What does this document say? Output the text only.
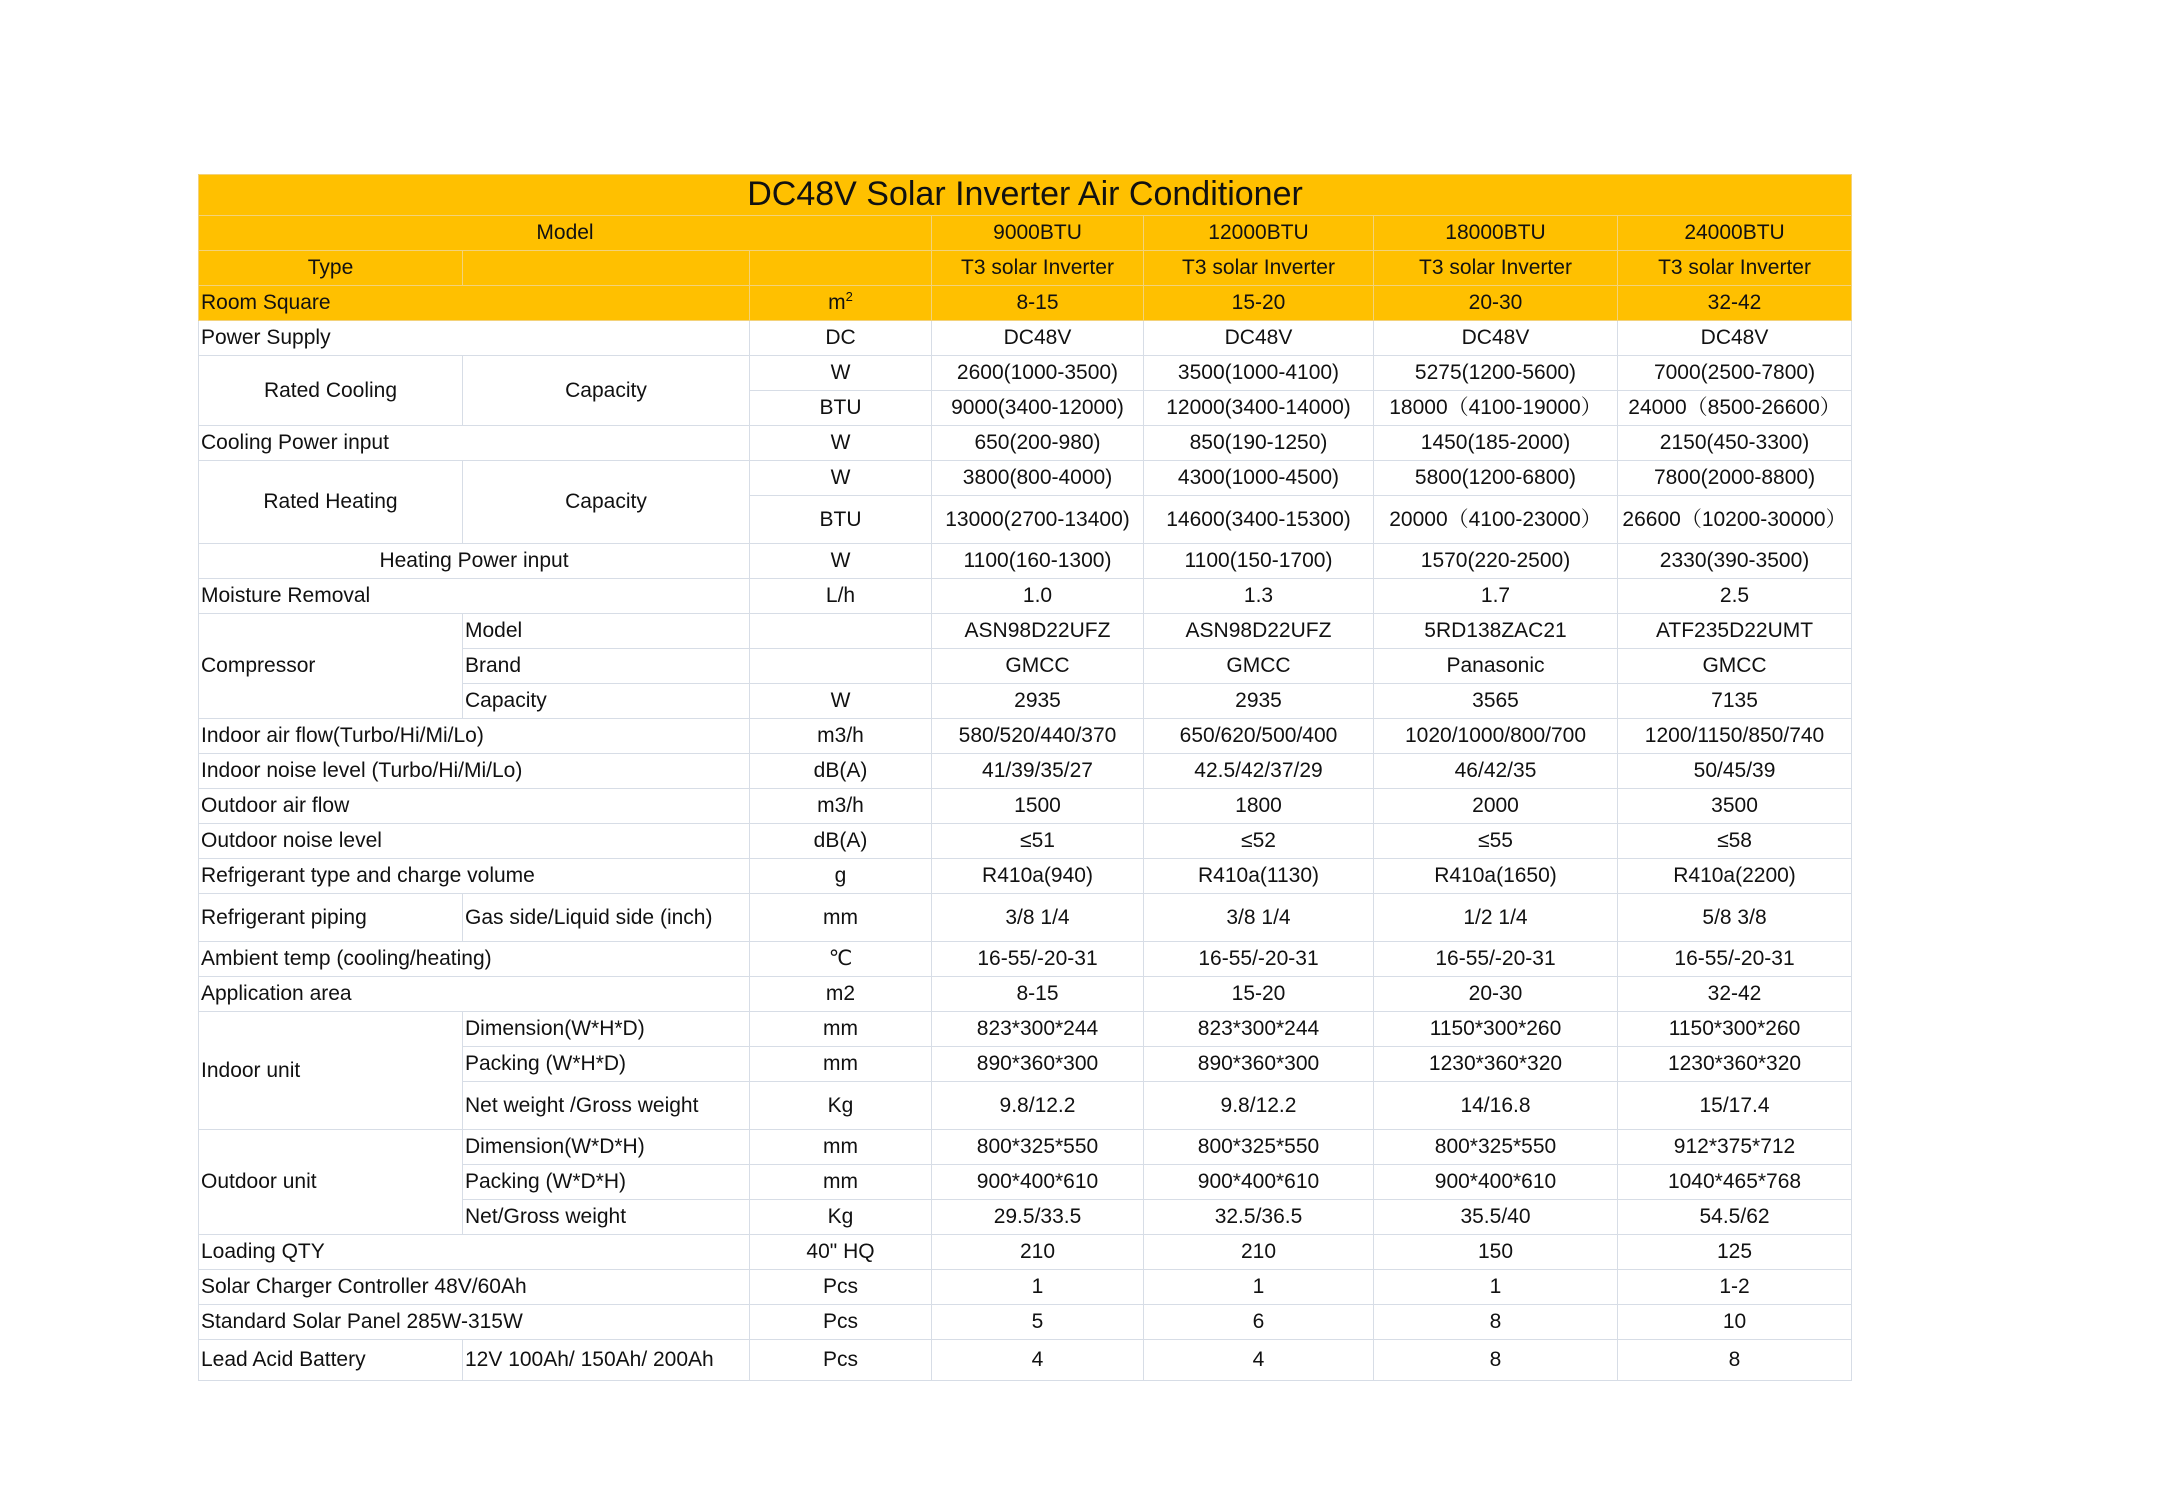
DC48V Solar Inverter Air Conditioner						
Model			9000BTU	12000BTU	18000BTU	24000BTU
Type			T3 solar Inverter	T3 solar Inverter	T3 solar Inverter	T3 solar Inverter
Room Square		$m^2$	8-15	15-20	20-30	32-42
Power Supply		DC	DC48V	DC48V	DC48V	DC48V
Rated Cooling	Capacity	W	2600(1000-3500)	3500(1000-4100)	5275(1200-5600)	7000(2500-7800)
		BTU	9000(3400-12000)	12000(3400-14000)	18000（4100-19000）	24000（8500-26600）
Cooling Power input		W	650(200-980)	850(190-1250)	1450(185-2000)	2150(450-3300)
Rated Heating	Capacity	W	3800(800-4000)	4300(1000-4500)	5800(1200-6800)	7800(2000-8800)
		BTU	13000(2700-13400)	14600(3400-15300)	20000（4100-23000）	26600（10200-30000）
Heating Power input		W	1100(160-1300)	1100(150-1700)	1570(220-2500)	2330(390-3500)
Moisture Removal		L/h	1.0	1.3	1.7	2.5
Compressor	Model		ASN98D22UFZ	ASN98D22UFZ	5RD138ZAC21	ATF235D22UMT
	Brand		GMCC	GMCC	Panasonic	GMCC
	Capacity	W	2935	2935	3565	7135
Indoor air flow(Turbo/Hi/Mi/Lo)		m3/h	580/520/440/370	650/620/500/400	1020/1000/800/700	1200/1150/850/740
Indoor noise level (Turbo/Hi/Mi/Lo)		dB(A)	41/39/35/27	42.5/42/37/29	46/42/35	50/45/39
Outdoor air flow		m3/h	1500	1800	2000	3500
Outdoor noise level		dB(A)	≤51	≤52	≤55	≤58
Refrigerant type and charge volume		g	R410a(940)	R410a(1130)	R410a(1650)	R410a(2200)
Refrigerant piping	Gas side/Liquid side (inch)	mm	3/8 1/4	3/8 1/4	1/2 1/4	5/8 3/8
Ambient temp (cooling/heating)		℃	16-55/-20-31	16-55/-20-31	16-55/-20-31	16-55/-20-31
Application area		m2	8-15	15-20	20-30	32-42
Indoor unit	Dimension(W*H*D)	mm	823*300*244	823*300*244	1150*300*260	1150*300*260
	Packing (W*H*D)	mm	890*360*300	890*360*300	1230*360*320	1230*360*320
	Net weight /Gross weight	Kg	9.8/12.2	9.8/12.2	14/16.8	15/17.4
Outdoor unit	Dimension(W*D*H)	mm	800*325*550	800*325*550	800*325*550	912*375*712
	Packing (W*D*H)	mm	900*400*610	900*400*610	900*400*610	1040*465*768
	Net/Gross weight	Kg	29.5/33.5	32.5/36.5	35.5/40	54.5/62
Loading QTY		40" HQ	210	210	150	125
Solar Charger Controller 48V/60Ah		Pcs	1	1	1	1-2
Standard Solar Panel 285W-315W		Pcs	5	6	8	10
Lead Acid Battery	12V 100Ah/ 150Ah/ 200Ah	Pcs	4	4	8	8
